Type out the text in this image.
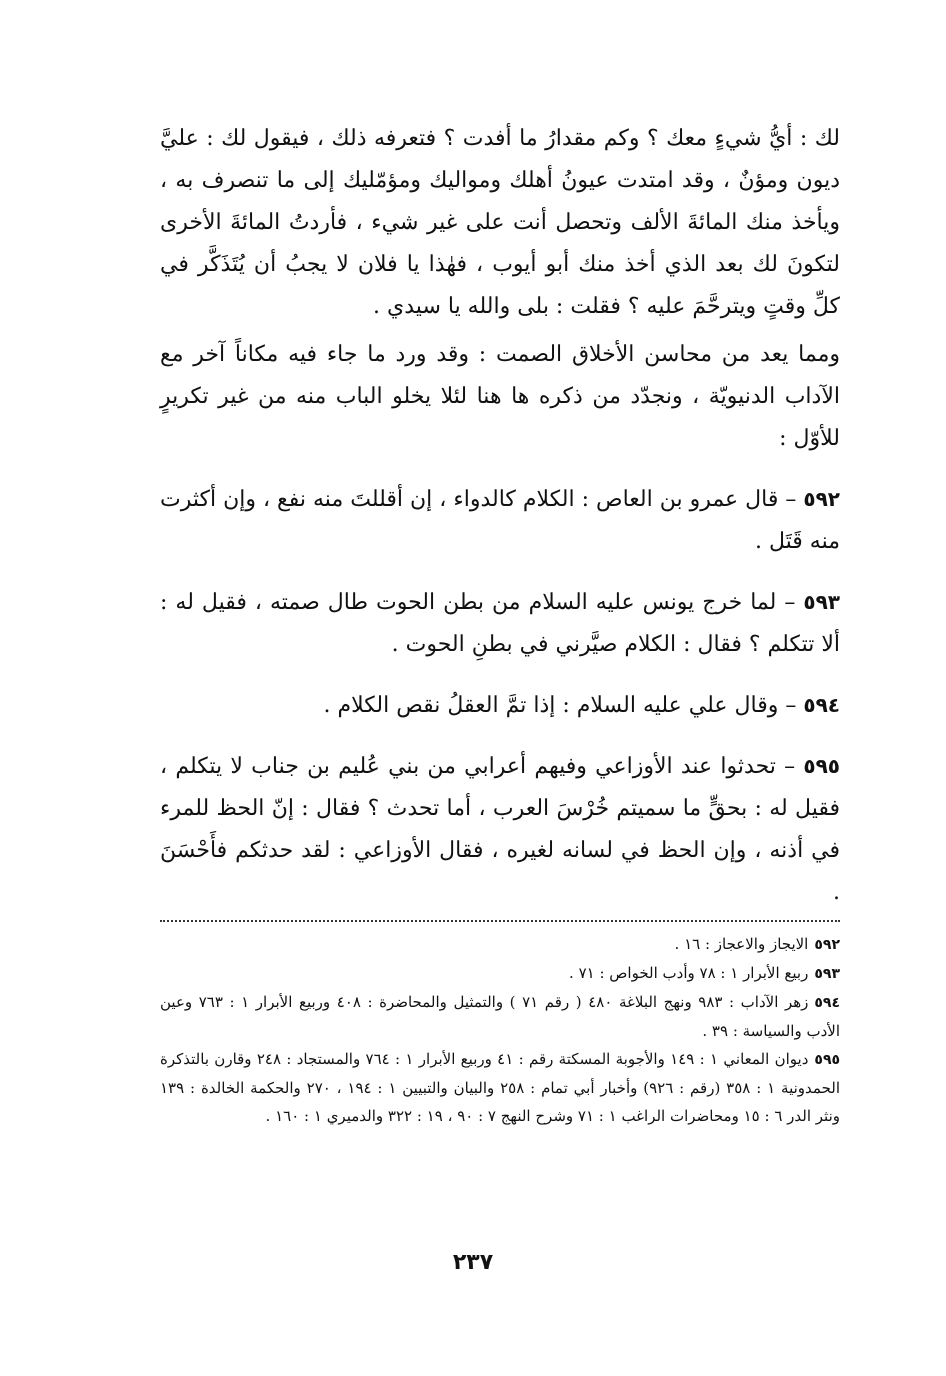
لك : أيُّ شيءٍ معك ؟ وكم مقدارُ ما أفدت ؟ فتعرفه ذلك ، فيقول لك : عليَّ ديون ومؤنٌ ، وقد امتدت عيونُ أهلك ومواليك ومؤمّليك إلى ما تنصرف به ، ويأخذ منك المائةَ الألف وتحصل أنت على غير شيء ، فأردتُ المائةَ الأخرى لتكونَ لك بعد الذي أخذ منك أبو أيوب ، فهٰذا يا فلان لا يجبُ أن يُتَذَكَّر في كلِّ وقتٍ ويترحَّمَ عليه ؟ فقلت : بلى والله يا سيدي .

ومما يعد من محاسن الأخلاق الصمت : وقد ورد ما جاء فيه مكاناً آخر مع الآداب الدنيويّة ، ونجدّد من ذكره ها هنا لئلا يخلو الباب منه من غير تكريرٍ للأوّل :

٥٩٢ – قال عمرو بن العاص : الكلام كالدواء ، إن أقللتَ منه نفع ، وإن أكثرت منه قَتَل .

٥٩٣ – لما خرج يونس عليه السلام من بطن الحوت طال صمته ، فقيل له : ألا تتكلم ؟ فقال : الكلام صيَّرني في بطنِ الحوت .

٥٩٤ – وقال علي عليه السلام : إذا تمَّ العقلُ نقص الكلام .

٥٩٥ – تحدثوا عند الأوزاعي وفيهم أعرابي من بني عُليم بن جناب لا يتكلم ، فقيل له : بحقٍّ ما سميتم خُرْسَ العرب ، أما تحدث ؟ فقال : إنّ الحظ للمرء في أذنه ، وإن الحظ في لسانه لغيره ، فقال الأوزاعي : لقد حدثكم فأَحْسَنَ .

٥٩٢الايجاز والاعجاز : ١٦ .

٥٩٣ربيع الأبرار ١ : ٧٨ وأدب الخواص : ٧١ .

٥٩٤زهر الآداب : ٩٨٣ ونهج البلاغة ٤٨٠ ( رقم ٧١ ) والتمثيل والمحاضرة : ٤٠٨ وربيع الأبرار ١ : ٧٦٣ وعين الأدب والسياسة : ٣٩ .

٥٩٥ديوان المعاني ١ : ١٤٩ والأجوبة المسكتة رقم : ٤١ وربيع الأبرار ١ : ٧٦٤ والمستجاد : ٢٤٨ وقارن بالتذكرة الحمدونية ١ : ٣٥٨ (رقم : ٩٢٦) وأخبار أبي تمام : ٢٥٨ والبيان والتبيين ١ : ١٩٤ ، ٢٧٠ والحكمة الخالدة : ١٣٩ ونثر الدر ٦ : ١٥ ومحاضرات الراغب ١ : ٧١ وشرح النهج ٧ : ٩٠ ، ١٩ : ٣٢٢ والدميري ١ : ١٦٠ .

٢٣٧
